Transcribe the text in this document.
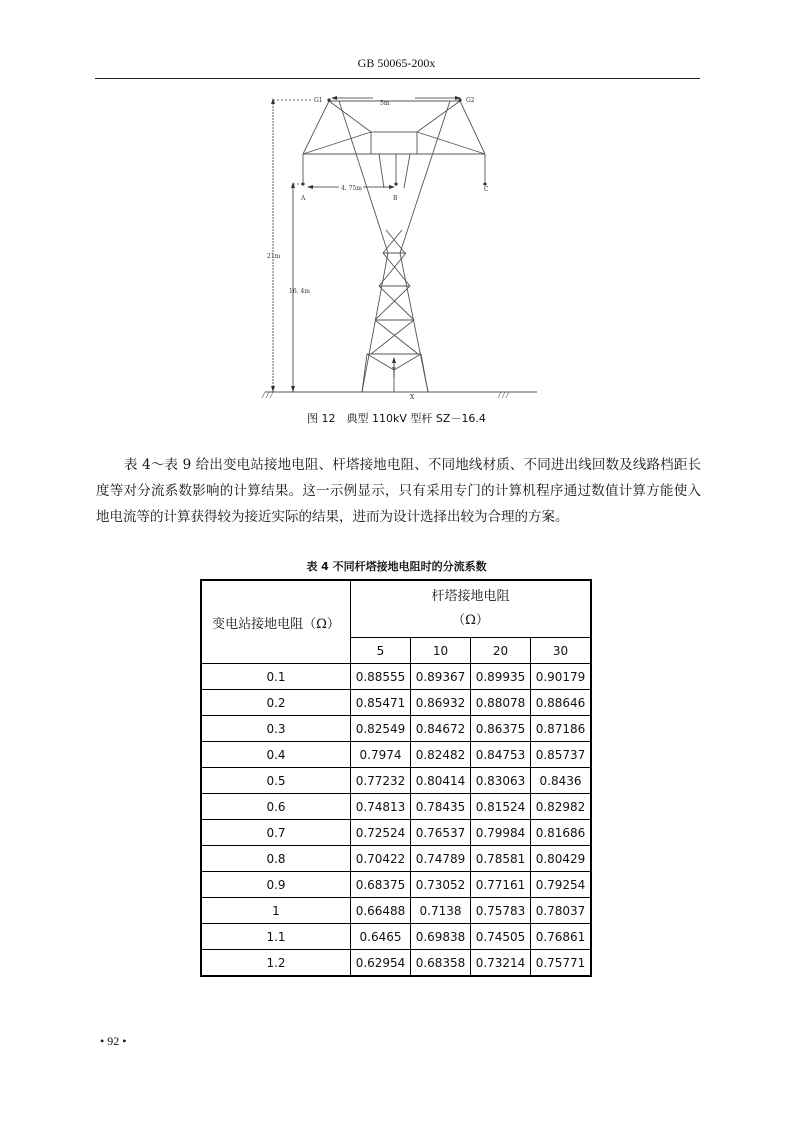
GB 50065-200x
G1	G2
5m
A	B
C
4. 75m
21m
16. 4m
X
Y
图 12　典型 110kV 型杆 SZ－16.4

表 4～表 9 给出变电站接地电阻、杆塔接地电阻、不同地线材质、不同进出线回数及线路档距长度等对分流系数影响的计算结果。这一示例显示，只有采用专门的计算机程序通过数值计算方能使入地电流等的计算获得较为接近实际的结果，进而为设计选择出较为合理的方案。

表 4 不同杆塔接地电阻时的分流系数
变电站接地电阻（Ω）	杆塔接地电阻
（Ω）			

	5	10	20	30
0.1	0.88555	0.89367	0.89935	0.90179
0.2	0.85471	0.86932	0.88078	0.88646
0.3	0.82549	0.84672	0.86375	0.87186
0.4	0.7974	0.82482	0.84753	0.85737
0.5	0.77232	0.80414	0.83063	0.8436
0.6	0.74813	0.78435	0.81524	0.82982
0.7	0.72524	0.76537	0.79984	0.81686
0.8	0.70422	0.74789	0.78581	0.80429
0.9	0.68375	0.73052	0.77161	0.79254
1	0.66488	0.7138	0.75783	0.78037
1.1	0.6465	0.69838	0.74505	0.76861
1.2	0.62954	0.68358	0.73214	0.75771
• 92 •
